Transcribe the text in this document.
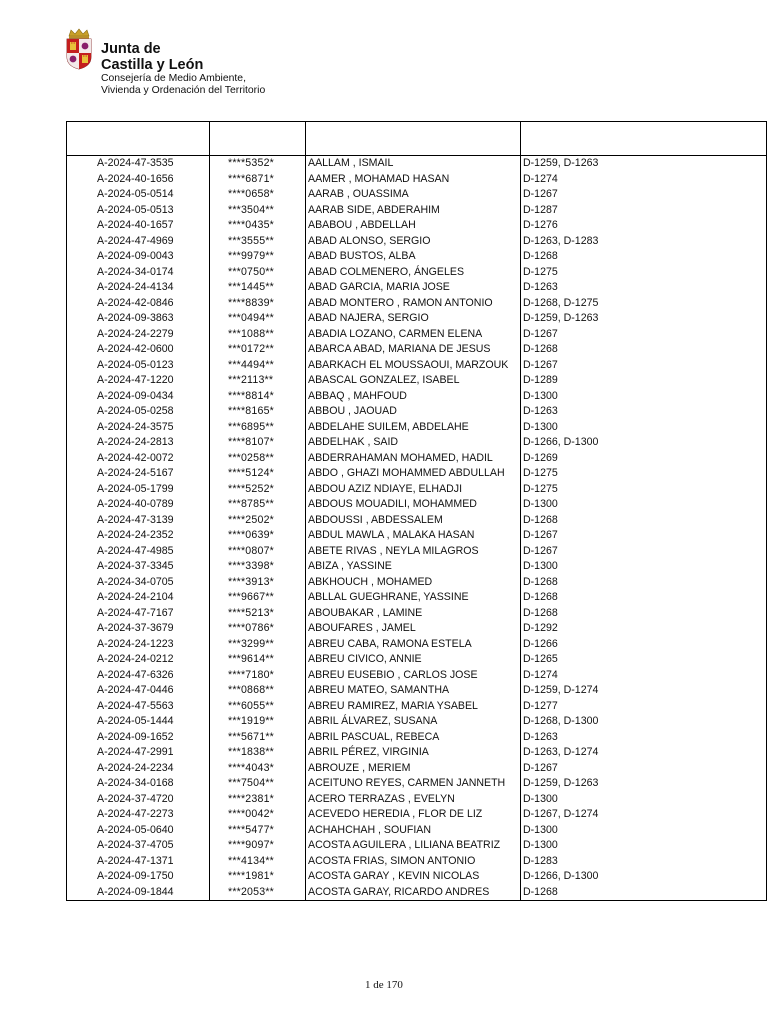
Junta de
Castilla y León
Consejería de Medio Ambiente,
Vivienda y Ordenación del Territorio

A-2024-47-3535	****5352*	AALLAM , ISMAIL	D-1259, D-1263
A-2024-40-1656	****6871*	AAMER , MOHAMAD HASAN	D-1274
A-2024-05-0514	****0658*	AARAB , OUASSIMA	D-1267
A-2024-05-0513	***3504**	AARAB SIDE, ABDERAHIM	D-1287
A-2024-40-1657	****0435*	ABABOU , ABDELLAH	D-1276
A-2024-47-4969	***3555**	ABAD ALONSO, SERGIO	D-1263, D-1283
A-2024-09-0043	***9979**	ABAD BUSTOS, ALBA	D-1268
A-2024-34-0174	***0750**	ABAD COLMENERO, ÁNGELES	D-1275
A-2024-24-4134	***1445**	ABAD GARCIA, MARIA JOSE	D-1263
A-2024-42-0846	****8839*	ABAD MONTERO , RAMON ANTONIO	D-1268, D-1275
A-2024-09-3863	***0494**	ABAD NAJERA, SERGIO	D-1259, D-1263
A-2024-24-2279	***1088**	ABADIA LOZANO, CARMEN ELENA	D-1267
A-2024-42-0600	***0172**	ABARCA ABAD, MARIANA DE JESUS	D-1268
A-2024-05-0123	***4494**	ABARKACH EL MOUSSAOUI, MARZOUK	D-1267
A-2024-47-1220	***2113**	ABASCAL GONZALEZ, ISABEL	D-1289
A-2024-09-0434	****8814*	ABBAQ , MAHFOUD	D-1300
A-2024-05-0258	****8165*	ABBOU , JAOUAD	D-1263
A-2024-24-3575	***6895**	ABDELAHE SUILEM, ABDELAHE	D-1300
A-2024-24-2813	****8107*	ABDELHAK , SAID	D-1266, D-1300
A-2024-42-0072	***0258**	ABDERRAHAMAN MOHAMED, HADIL	D-1269
A-2024-24-5167	****5124*	ABDO , GHAZI MOHAMMED ABDULLAH	D-1275
A-2024-05-1799	****5252*	ABDOU AZIZ NDIAYE, ELHADJI	D-1275
A-2024-40-0789	***8785**	ABDOUS MOUADILI, MOHAMMED	D-1300
A-2024-47-3139	****2502*	ABDOUSSI , ABDESSALEM	D-1268
A-2024-24-2352	****0639*	ABDUL MAWLA , MALAKA HASAN	D-1267
A-2024-47-4985	****0807*	ABETE RIVAS , NEYLA MILAGROS	D-1267
A-2024-37-3345	****3398*	ABIZA , YASSINE	D-1300
A-2024-34-0705	****3913*	ABKHOUCH , MOHAMED	D-1268
A-2024-24-2104	***9667**	ABLLAL GUEGHRANE, YASSINE	D-1268
A-2024-47-7167	****5213*	ABOUBAKAR , LAMINE	D-1268
A-2024-37-3679	****0786*	ABOUFARES , JAMEL	D-1292
A-2024-24-1223	***3299**	ABREU CABA, RAMONA ESTELA	D-1266
A-2024-24-0212	***9614**	ABREU CIVICO, ANNIE	D-1265
A-2024-47-6326	****7180*	ABREU EUSEBIO , CARLOS JOSE	D-1274
A-2024-47-0446	***0868**	ABREU MATEO, SAMANTHA	D-1259, D-1274
A-2024-47-5563	***6055**	ABREU RAMIREZ, MARIA YSABEL	D-1277
A-2024-05-1444	***1919**	ABRIL ÁLVAREZ, SUSANA	D-1268, D-1300
A-2024-09-1652	***5671**	ABRIL PASCUAL, REBECA	D-1263
A-2024-47-2991	***1838**	ABRIL PÉREZ, VIRGINIA	D-1263, D-1274
A-2024-24-2234	****4043*	ABROUZE , MERIEM	D-1267
A-2024-34-0168	***7504**	ACEITUNO REYES, CARMEN JANNETH	D-1259, D-1263
A-2024-37-4720	****2381*	ACERO TERRAZAS , EVELYN	D-1300
A-2024-47-2273	****0042*	ACEVEDO HEREDIA , FLOR DE LIZ	D-1267, D-1274
A-2024-05-0640	****5477*	ACHAHCHAH , SOUFIAN	D-1300
A-2024-37-4705	****9097*	ACOSTA AGUILERA , LILIANA BEATRIZ	D-1300
A-2024-47-1371	***4134**	ACOSTA FRIAS, SIMON ANTONIO	D-1283
A-2024-09-1750	****1981*	ACOSTA GARAY , KEVIN NICOLAS	D-1266, D-1300
A-2024-09-1844	***2053**	ACOSTA GARAY, RICARDO ANDRES	D-1268
1 de 170
